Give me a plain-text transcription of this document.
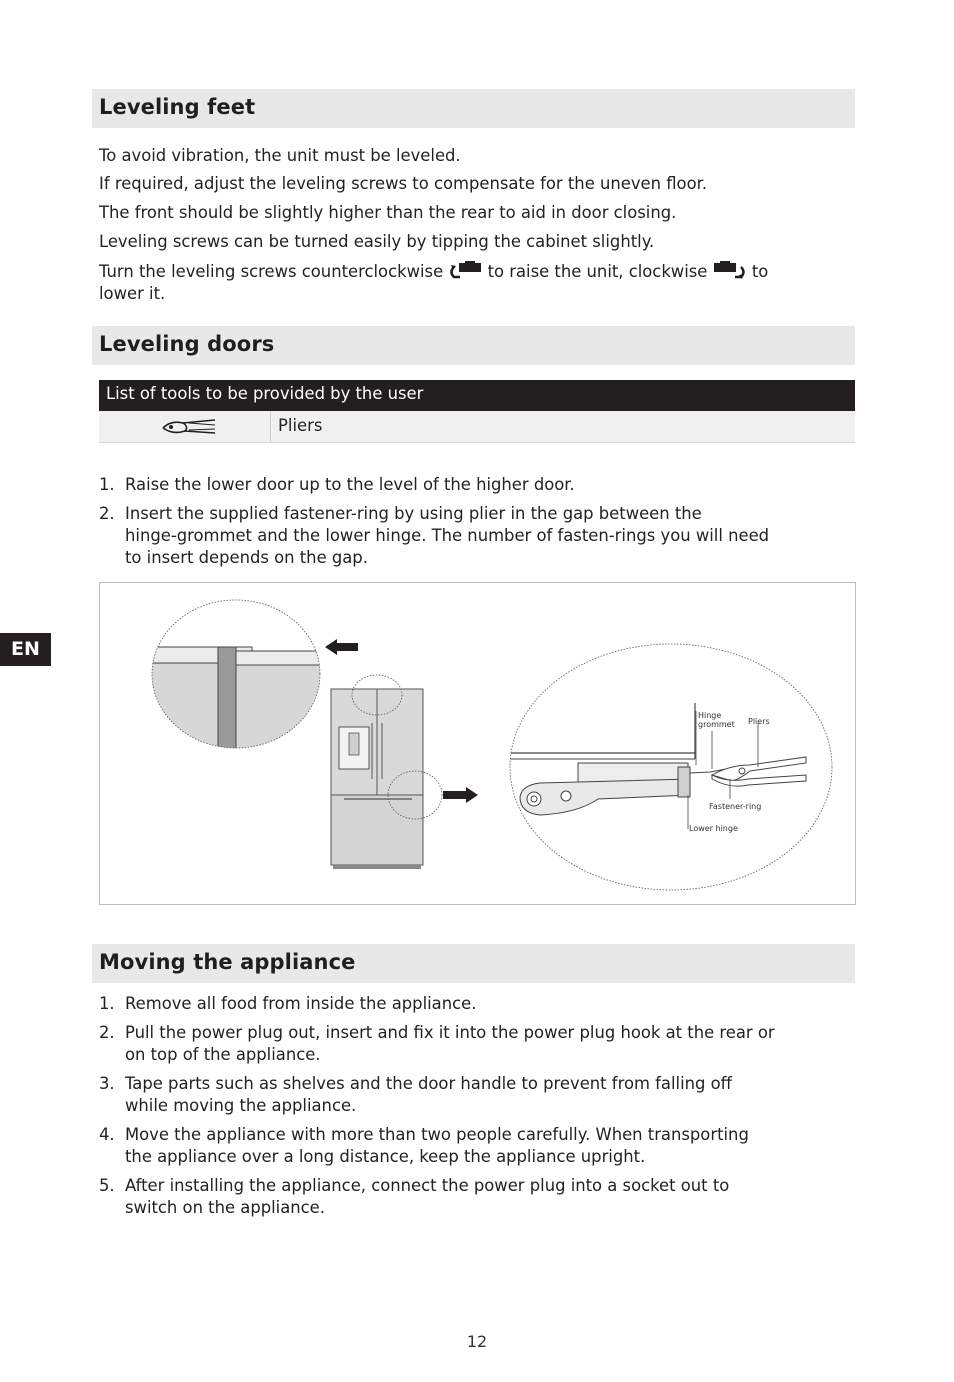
Leveling feet

To avoid vibration, the unit must be leveled.

If required, adjust the leveling screws to compensate for the uneven floor.

The front should be slightly higher than the rear to aid in door closing.

Leveling screws can be turned easily by tipping the cabinet slightly.

Turn the leveling screws counterclockwise	to raise the unit, clockwise	to

lower it.

Leveling doors
List of tools to be provided by the user
Pliers
1. Raise the lower door up to the level of the higher door.
2. Insert the supplied fastener-ring by using plier in the gap between the
hinge-grommet and the lower hinge. The number of fasten-rings you will need
to insert depends on the gap.
Hinge
grommet Pliers
Fastener-ring
Lower hinge
Moving the appliance
1. Remove all food from inside the appliance.
2. Pull the power plug out, insert and fix it into the power plug hook at the rear or
on top of the appliance.
3. Tape parts such as shelves and the door handle to prevent from falling off
while moving the appliance.
4. Move the appliance with more than two people carefully. When transporting
the appliance over a long distance, keep the appliance upright.
5. After installing the appliance, connect the power plug into a socket out to
switch on the appliance.
EN
12
